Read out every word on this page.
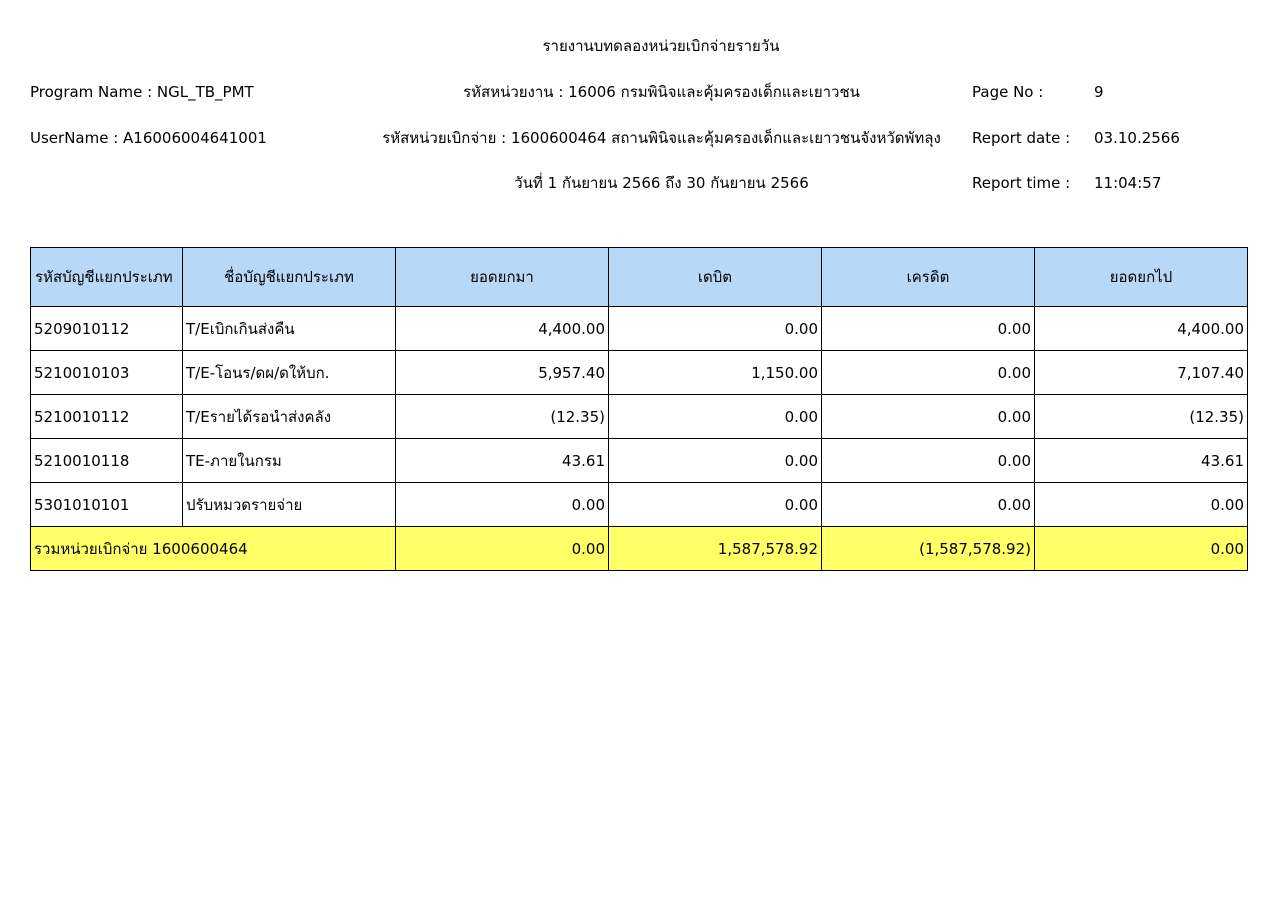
รายงานบทดลองหน่วยเบิกจ่ายรายวัน
Program Name : NGL_TB_PMT
UserName : A16006004641001
รหัสหน่วยงาน : 16006 กรมพินิจและคุ้มครองเด็กและเยาวชน
รหัสหน่วยเบิกจ่าย : 1600600464 สถานพินิจและคุ้มครองเด็กและเยาวชนจังหวัดพัทลุง
วันที่ 1 กันยายน 2566 ถึง 30 กันยายน 2566
Page No :	9
Report date : 03.10.2566
Report time : 11:04:57
รหัสบัญชีแยกประเภท	ชื่อบัญชีแยกประเภท	ยอดยกมา	เดบิต	เครดิต	ยอดยกไป
5209010112	T/Eเบิกเกินส่งคืน	4,400.00	0.00	0.00	4,400.00
5210010103	T/E-โอนร/ดผ/ดให้บก.	5,957.40	1,150.00	0.00	7,107.40
5210010112	T/Eรายได้รอนำส่งคลัง	(12.35)	0.00	0.00	(12.35)
5210010118	TE-ภายในกรม	43.61	0.00	0.00	43.61
5301010101	ปรับหมวดรายจ่าย	0.00	0.00	0.00	0.00
รวมหน่วยเบิกจ่าย 1600600464		0.00	1,587,578.92	(1,587,578.92)	0.00
